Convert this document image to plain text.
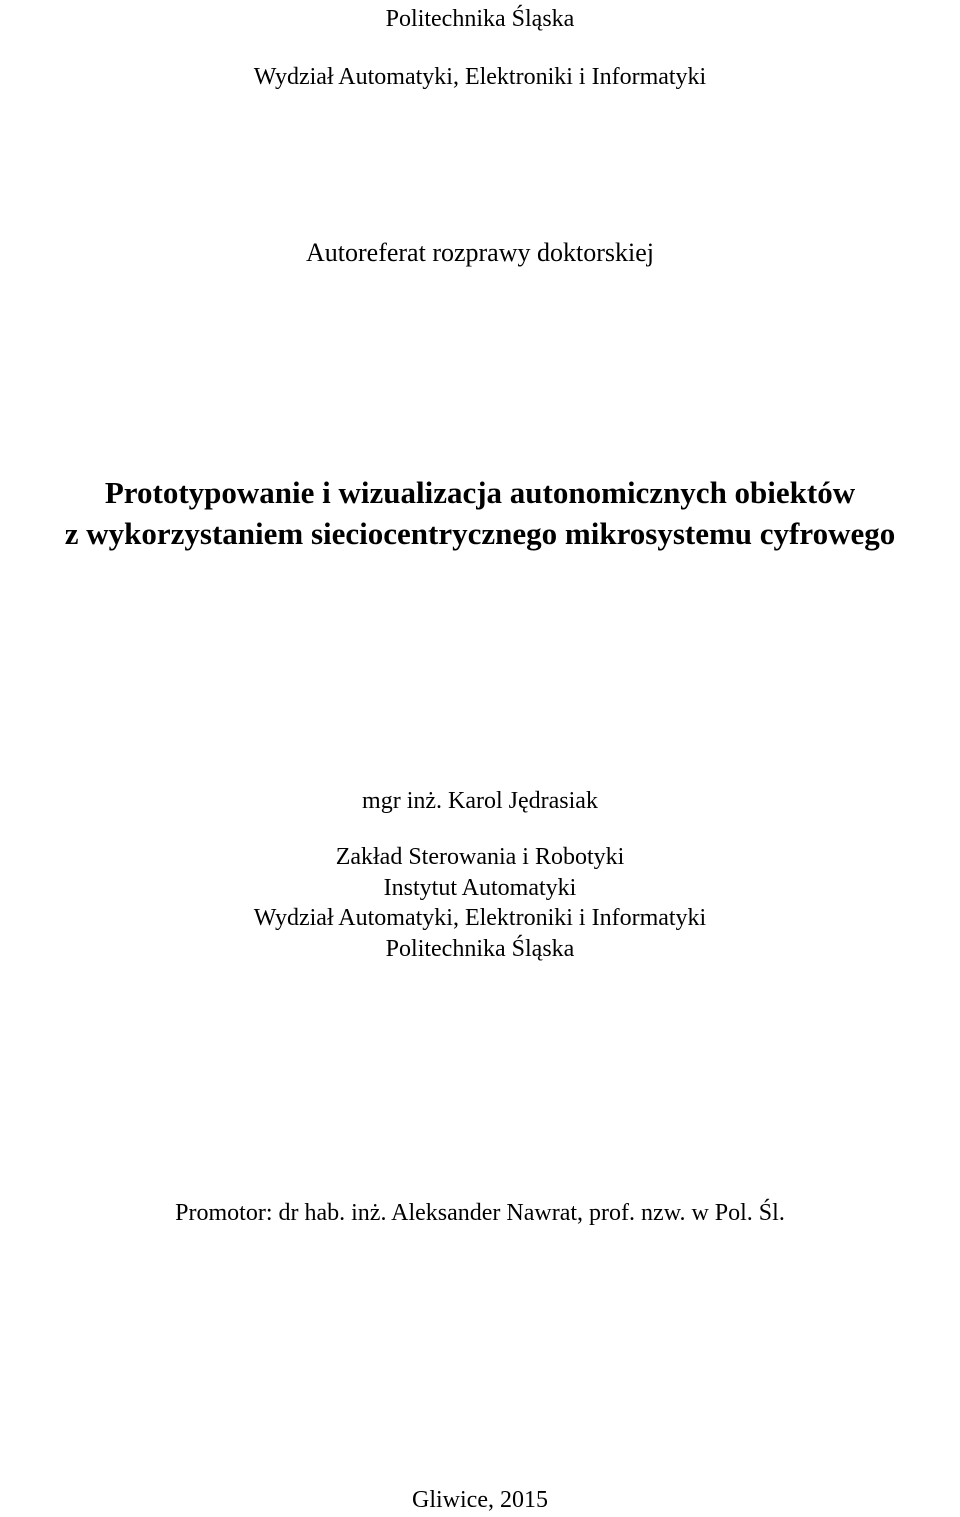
Politechnika Śląska

Wydział Automatyki, Elektroniki i Informatyki

Autoreferat rozprawy doktorskiej

Prototypowanie i wizualizacja autonomicznych obiektów

z wykorzystaniem sieciocentrycznego mikrosystemu cyfrowego

mgr inż. Karol Jędrasiak

Zakład Sterowania i Robotyki
Instytut Automatyki
Wydział Automatyki, Elektroniki i Informatyki
Politechnika Śląska

Promotor: dr hab. inż. Aleksander Nawrat, prof. nzw. w Pol. Śl.

Gliwice, 2015
